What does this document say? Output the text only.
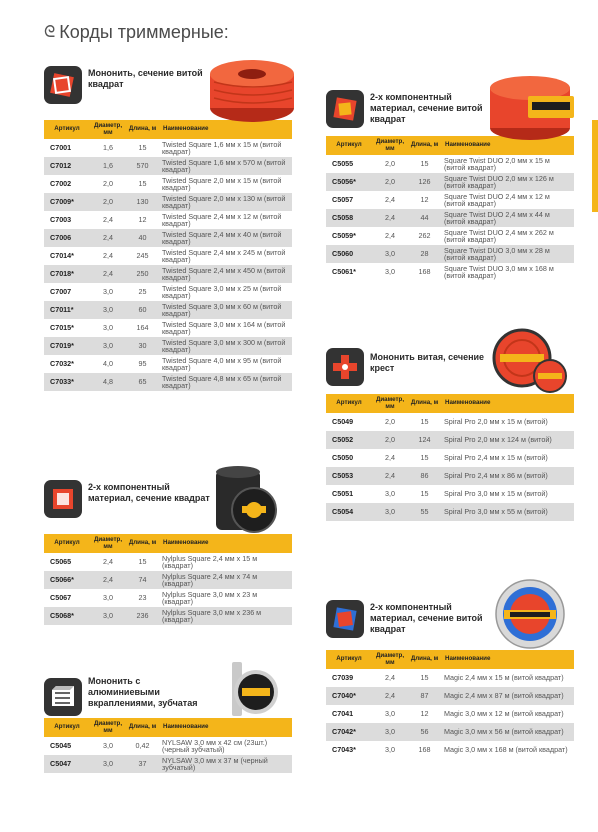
ᘓ Корды триммерные:
Мононить, сечение витой квадрат
Артикул	Диаметр, мм	Длина, м	Наименование
C7001	1,6	15	Twisted Square 1,6 мм х 15 м (витой квадрат)
C7012	1,6	570	Twisted Square 1,6 мм х 570 м (витой квадрат)
C7002	2,0	15	Twisted Square 2,0 мм х 15 м (витой квадрат)
C7009*	2,0	130	Twisted Square 2,0 мм х 130 м (витой квадрат)
C7003	2,4	12	Twisted Square 2,4 мм х 12 м (витой квадрат)
C7006	2,4	40	Twisted Square 2,4 мм х 40 м (витой квадрат)
C7014*	2,4	245	Twisted Square 2,4 мм х 245 м (витой квадрат)
C7018*	2,4	250	Twisted Square 2,4 мм х 450 м (витой квадрат)
C7007	3,0	25	Twisted Square 3,0 мм х 25 м (витой квадрат)
C7011*	3,0	60	Twisted Square 3,0 мм х 60 м (витой квадрат)
C7015*	3,0	164	Twisted Square 3,0 мм х 164 м (витой квадрат)
C7019*	3,0	30	Twisted Square 3,0 мм х 300 м (витой квадрат)
C7032*	4,0	95	Twisted Square 4,0 мм х 95 м (витой квадрат)
C7033*	4,8	65	Twisted Square 4,8 мм х 65 м (витой квадрат)
2-х компонентный материал, сечение квадрат
Артикул	Диаметр, мм	Длина, м	Наименование
C5065	2,4	15	Nylplus Square 2,4 мм х 15 м (квадрат)
C5066*	2,4	74	Nylplus Square 2,4 мм х 74 м (квадрат)
C5067	3,0	23	Nylplus Square 3,0 мм х 23 м (квадрат)
C5068*	3,0	236	Nylplus Square 3,0 мм х 236 м (квадрат)
Мононить с алюминиевыми вкраплениями, зубчатая
Артикул	Диаметр, мм	Длина, м	Наименование
C5045	3,0	0,42	NYLSAW 3,0 мм х 42 см (23шт.) (черный зубчатый)
C5047	3,0	37	NYLSAW 3,0 мм х 37 м (черный зубчатый)
2-х компонентный материал, сечение витой квадрат
Артикул	Диаметр, мм	Длина, м	Наименование
C5055	2,0	15	Square Twist DUO 2,0 мм х 15 м (витой квадрат)
C5056*	2,0	126	Square Twist DUO 2,0 мм х 126 м (витой квадрат)
C5057	2,4	12	Square Twist DUO 2,4 мм х 12 м (витой квадрат)
C5058	2,4	44	Square Twist DUO 2,4 мм х 44 м (витой квадрат)
C5059*	2,4	262	Square Twist DUO 2,4 мм х 262 м (витой квадрат)
C5060	3,0	28	Square Twist DUO 3,0 мм х 28 м (витой квадрат)
C5061*	3,0	168	Square Twist DUO 3,0 мм х 168 м (витой квадрат)
Мононить витая, сечение крест
Артикул	Диаметр, мм	Длина, м	Наименование
C5049	2,0	15	Spiral Pro 2,0 мм х 15 м (витой)
C5052	2,0	124	Spiral Pro 2,0 мм х 124 м (витой)
C5050	2,4	15	Spiral Pro 2,4 мм х 15 м (витой)
C5053	2,4	86	Spiral Pro 2,4 мм х 86 м (витой)
C5051	3,0	15	Spiral Pro 3,0 мм х 15 м (витой)
C5054	3,0	55	Spiral Pro 3,0 мм х 55 м (витой)
2-х компонентный материал, сечение витой квадрат
Артикул	Диаметр, мм	Длина, м	Наименование
C7039	2,4	15	Magic 2,4 мм х 15 м (витой квадрат)
C7040*	2,4	87	Magic 2,4 мм х 87 м (витой квадрат)
C7041	3,0	12	Magic 3,0 мм х 12 м (витой квадрат)
C7042*	3,0	56	Magic 3,0 мм х 56 м (витой квадрат)
C7043*	3,0	168	Magic 3,0 мм х 168 м (витой квадрат)
